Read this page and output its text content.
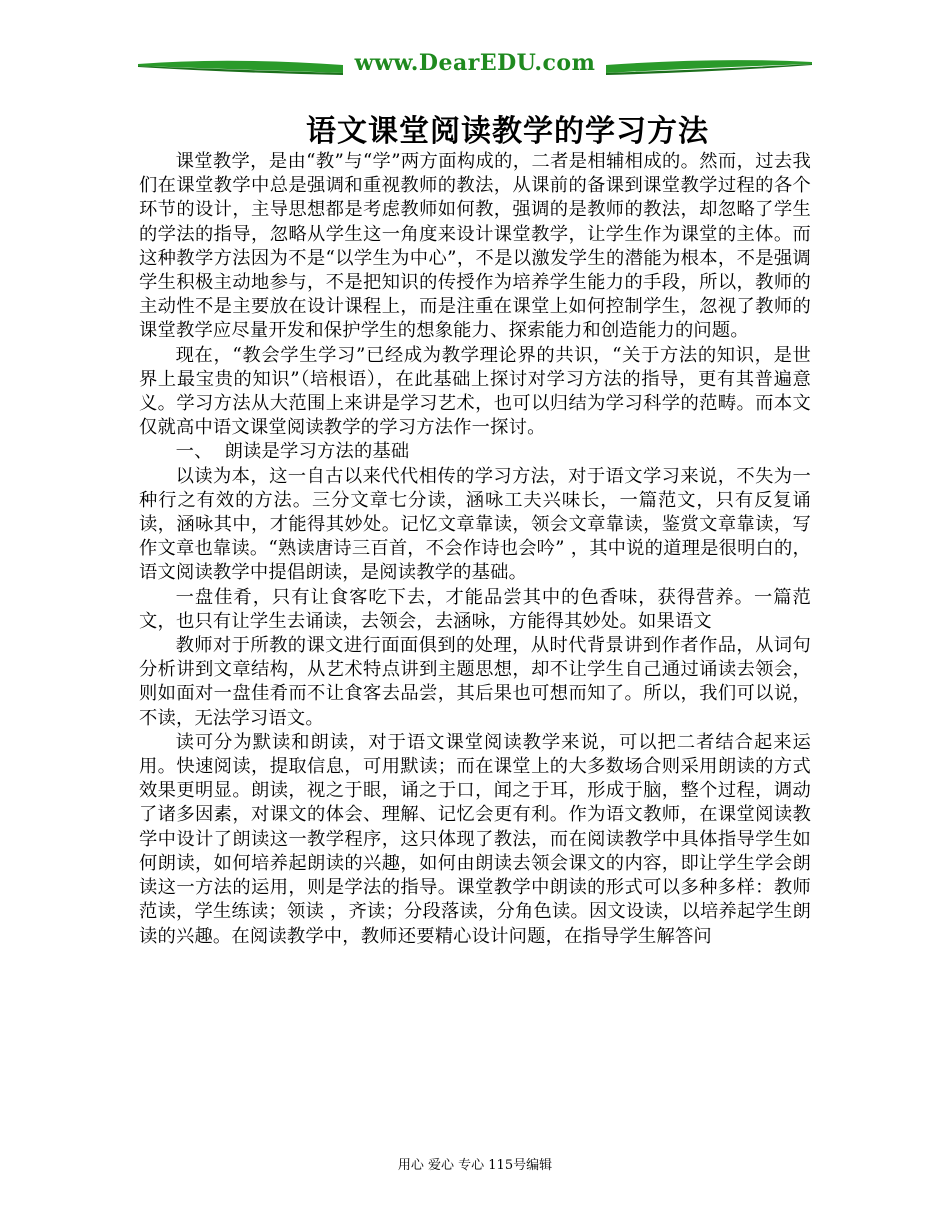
www.DearEDU.com
语文课堂阅读教学的学习方法

课堂教学，是由“教”与“学”两方面构成的，二者是相辅相成的。然而，过去我们在课堂教学中总是强调和重视教师的教法，从课前的备课到课堂教学过程的各个环节的设计，主导思想都是考虑教师如何教，强调的是教师的教法，却忽略了学生的学法的指导，忽略从学生这一角度来设计课堂教学，让学生作为课堂的主体。而这种教学方法因为不是“以学生为中心”，不是以激发学生的潜能为根本，不是强调学生积极主动地参与，不是把知识的传授作为培养学生能力的手段，所以，教师的主动性不是主要放在设计课程上，而是注重在课堂上如何控制学生，忽视了教师的课堂教学应尽量开发和保护学生的想象能力、探索能力和创造能力的问题。

现在，“教会学生学习”已经成为教学理论界的共识，“关于方法的知识，是世界上最宝贵的知识”（培根语），在此基础上探讨对学习方法的指导，更有其普遍意义。学习方法从大范围上来讲是学习艺术，也可以归结为学习科学的范畴。而本文仅就高中语文课堂阅读教学的学习方法作一探讨。

一、  朗读是学习方法的基础

以读为本，这一自古以来代代相传的学习方法，对于语文学习来说，不失为一种行之有效的方法。三分文章七分读，涵咏工夫兴味长，一篇范文，只有反复诵读，涵咏其中，才能得其妙处。记忆文章靠读，领会文章靠读，鉴赏文章靠读，写作文章也靠读。“熟读唐诗三百首，不会作诗也会吟” ，其中说的道理是很明白的，语文阅读教学中提倡朗读，是阅读教学的基础。

一盘佳肴，只有让食客吃下去，才能品尝其中的色香味，获得营养。一篇范文，也只有让学生去诵读，去领会，去涵咏，方能得其妙处。如果语文

教师对于所教的课文进行面面俱到的处理，从时代背景讲到作者作品，从词句分析讲到文章结构，从艺术特点讲到主题思想，却不让学生自己通过诵读去领会，则如面对一盘佳肴而不让食客去品尝，其后果也可想而知了。所以，我们可以说，不读，无法学习语文。

读可分为默读和朗读，对于语文课堂阅读教学来说，可以把二者结合起来运用。快速阅读，提取信息，可用默读；而在课堂上的大多数场合则采用朗读的方式效果更明显。朗读，视之于眼，诵之于口，闻之于耳，形成于脑，整个过程，调动了诸多因素，对课文的体会、理解、记忆会更有利。作为语文教师，在课堂阅读教学中设计了朗读这一教学程序，这只体现了教法，而在阅读教学中具体指导学生如何朗读，如何培养起朗读的兴趣，如何由朗读去领会课文的内容，即让学生学会朗读这一方法的运用，则是学法的指导。课堂教学中朗读的形式可以多种多样：教师范读，学生练读；领读 ，齐读；分段落读，分角色读。因文设读，以培养起学生朗读的兴趣。在阅读教学中，教师还要精心设计问题，在指导学生解答问

用心 爱心 专心 115号编辑
